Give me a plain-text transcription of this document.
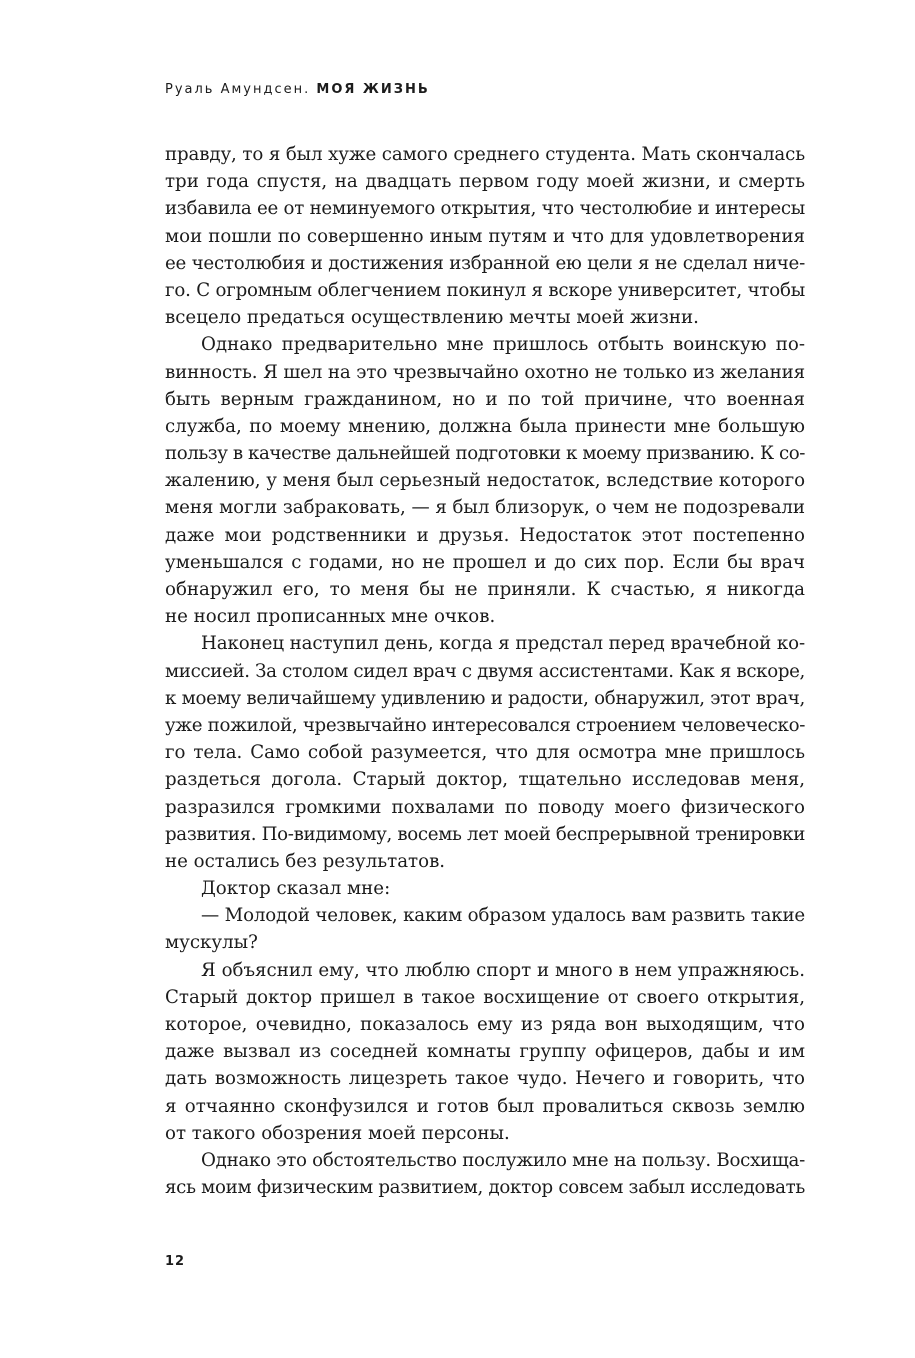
Руаль Амундсен. МОЯ ЖИЗНЬ
правду, то я был хуже самого среднего студента. Мать скончалась
три года спустя, на двадцать первом году моей жизни, и смерть
избавила ее от неминуемого открытия, что честолюбие и интересы
мои пошли по совершенно иным путям и что для удовлетворения
ее честолюбия и достижения избранной ею цели я не сделал ниче-
го. С огромным облегчением покинул я вскоре университет, чтобы
всецело предаться осуществлению мечты моей жизни.
Однако предварительно мне пришлось отбыть воинскую по-
винность. Я шел на это чрезвычайно охотно не только из желания
быть верным гражданином, но и по той причине, что военная
служба, по моему мнению, должна была принести мне большую
пользу в качестве дальнейшей подготовки к моему призванию. К со-
жалению, у меня был серьезный недостаток, вследствие которого
меня могли забраковать, — я был близорук, о чем не подозревали
даже мои родственники и друзья. Недостаток этот постепенно
уменьшался с годами, но не прошел и до сих пор. Если бы врач
обнаружил его, то меня бы не приняли. К счастью, я никогда
не носил прописанных мне очков.
Наконец наступил день, когда я предстал перед врачебной ко-
миссией. За столом сидел врач с двумя ассистентами. Как я вскоре,
к моему величайшему удивлению и радости, обнаружил, этот врач,
уже пожилой, чрезвычайно интересовался строением человеческо-
го тела. Само собой разумеется, что для осмотра мне пришлось
раздеться догола. Старый доктор, тщательно исследовав меня,
разразился громкими похвалами по поводу моего физического
развития. По-видимому, восемь лет моей беспрерывной тренировки
не остались без результатов.
Доктор сказал мне:
— Молодой человек, каким образом удалось вам развить такие
мускулы?
Я объяснил ему, что люблю спорт и много в нем упражняюсь.
Старый доктор пришел в такое восхищение от своего открытия,
которое, очевидно, показалось ему из ряда вон выходящим, что
даже вызвал из соседней комнаты группу офицеров, дабы и им
дать возможность лицезреть такое чудо. Нечего и говорить, что
я отчаянно сконфузился и готов был провалиться сквозь землю
от такого обозрения моей персоны.
Однако это обстоятельство послужило мне на пользу. Восхища-
ясь моим физическим развитием, доктор совсем забыл исследовать
12
